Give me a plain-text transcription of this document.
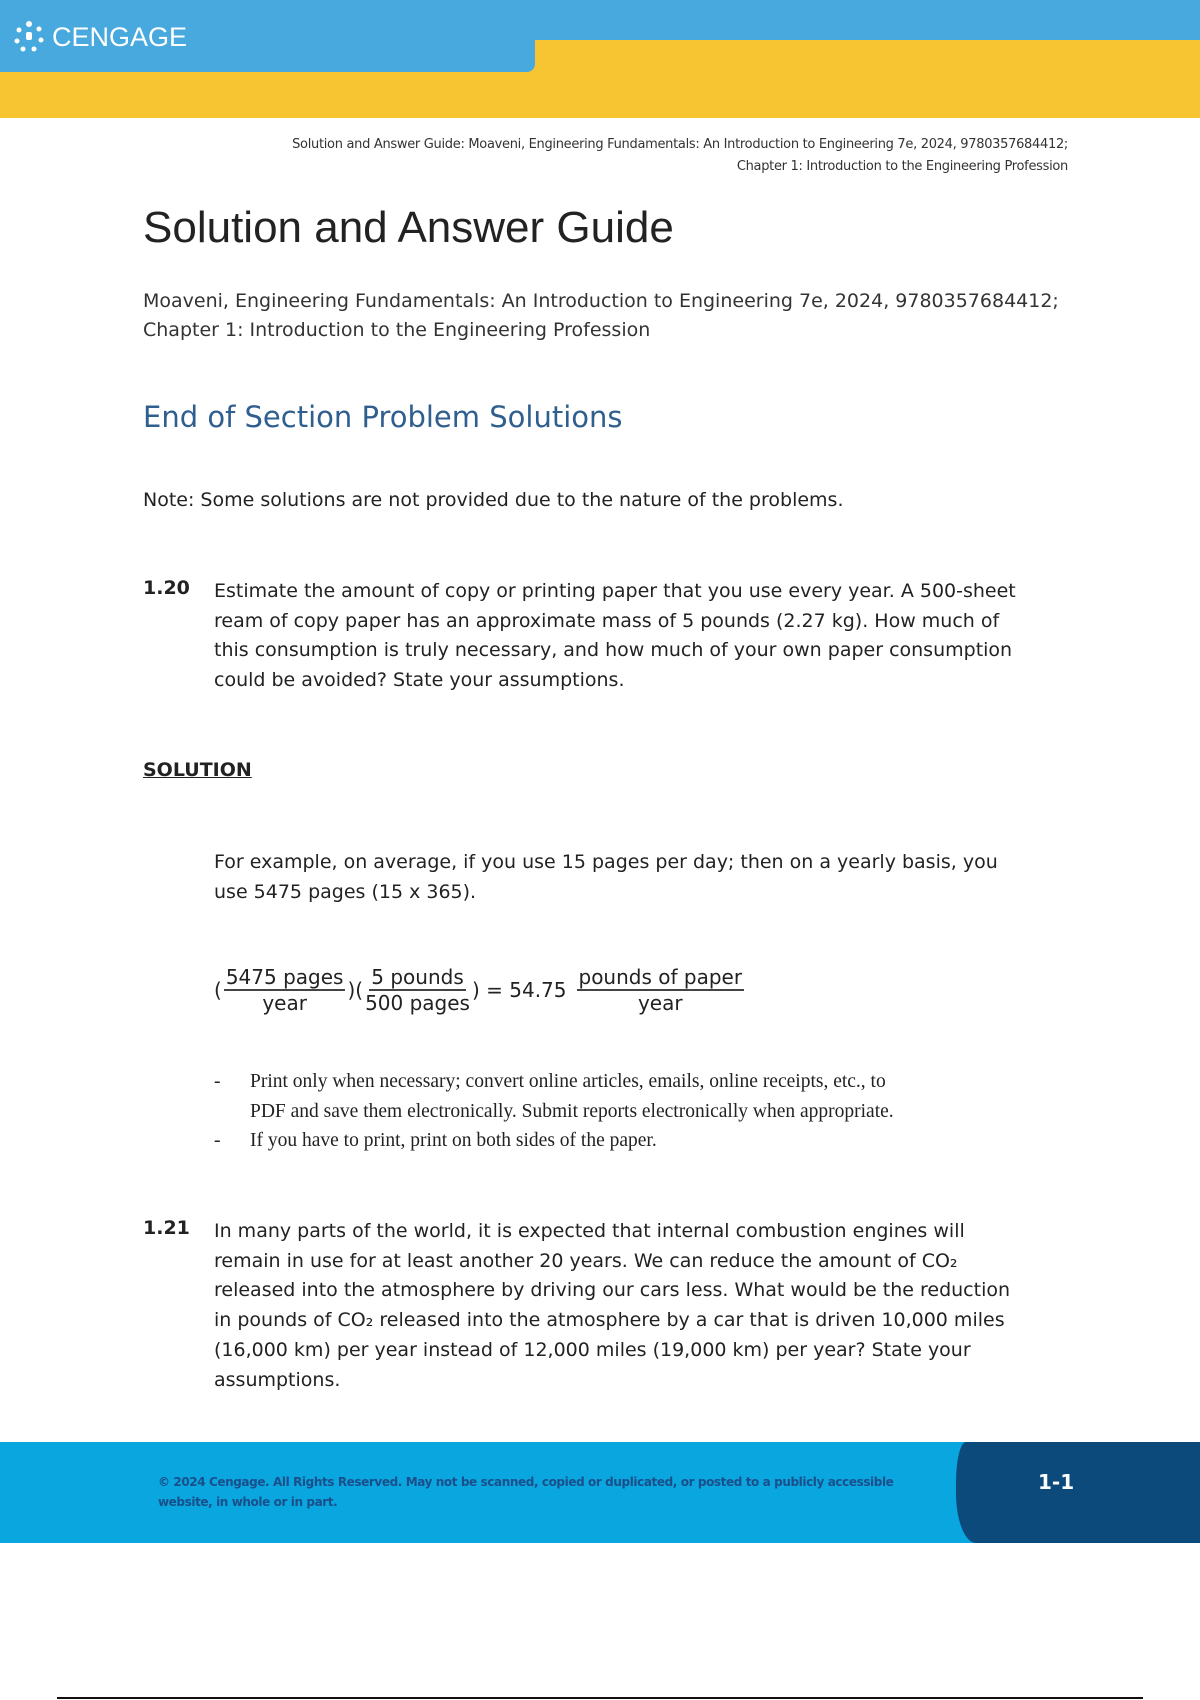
CENGAGE
Solution and Answer Guide: Moaveni, Engineering Fundamentals: An Introduction to Engineering 7e, 2024, 9780357684412;
Chapter 1: Introduction to the Engineering Profession
Solution and Answer Guide
Moaveni, Engineering Fundamentals: An Introduction to Engineering 7e, 2024, 9780357684412;
Chapter 1: Introduction to the Engineering Profession
End of Section Problem Solutions
Note: Some solutions are not provided due to the nature of the problems.
1.20 Estimate the amount of copy or printing paper that you use every year. A 500-sheet
ream of copy paper has an approximate mass of 5 pounds (2.27 kg). How much of
this consumption is truly necessary, and how much of your own paper consumption
could be avoided? State your assumptions.
SOLUTION
For example, on average, if you use 15 pages per day; then on a yearly basis, you
use 5475 pages (15 x 365).
( $\frac{\text{5475 pages}}{\text{year}}$ )( $\frac{\text{5 pounds}}{\text{500 pages}}$ ) = $54.75 \frac{\text{pounds of paper}}{\text{year}}$
-	Print only when necessary; convert online articles, emails, online receipts, etc., to
PDF and save them electronically. Submit reports electronically when appropriate.
-	If you have to print, print on both sides of the paper.
1.21 In many parts of the world, it is expected that internal combustion engines will
remain in use for at least another 20 years. We can reduce the amount of CO₂
released into the atmosphere by driving our cars less. What would be the reduction
in pounds of CO₂ released into the atmosphere by a car that is driven 10,000 miles
(16,000 km) per year instead of 12,000 miles (19,000 km) per year? State your
assumptions.
© 2024 Cengage. All Rights Reserved. May not be scanned, copied or duplicated, or posted to a publicly accessible website, in whole or in part.
1-1
